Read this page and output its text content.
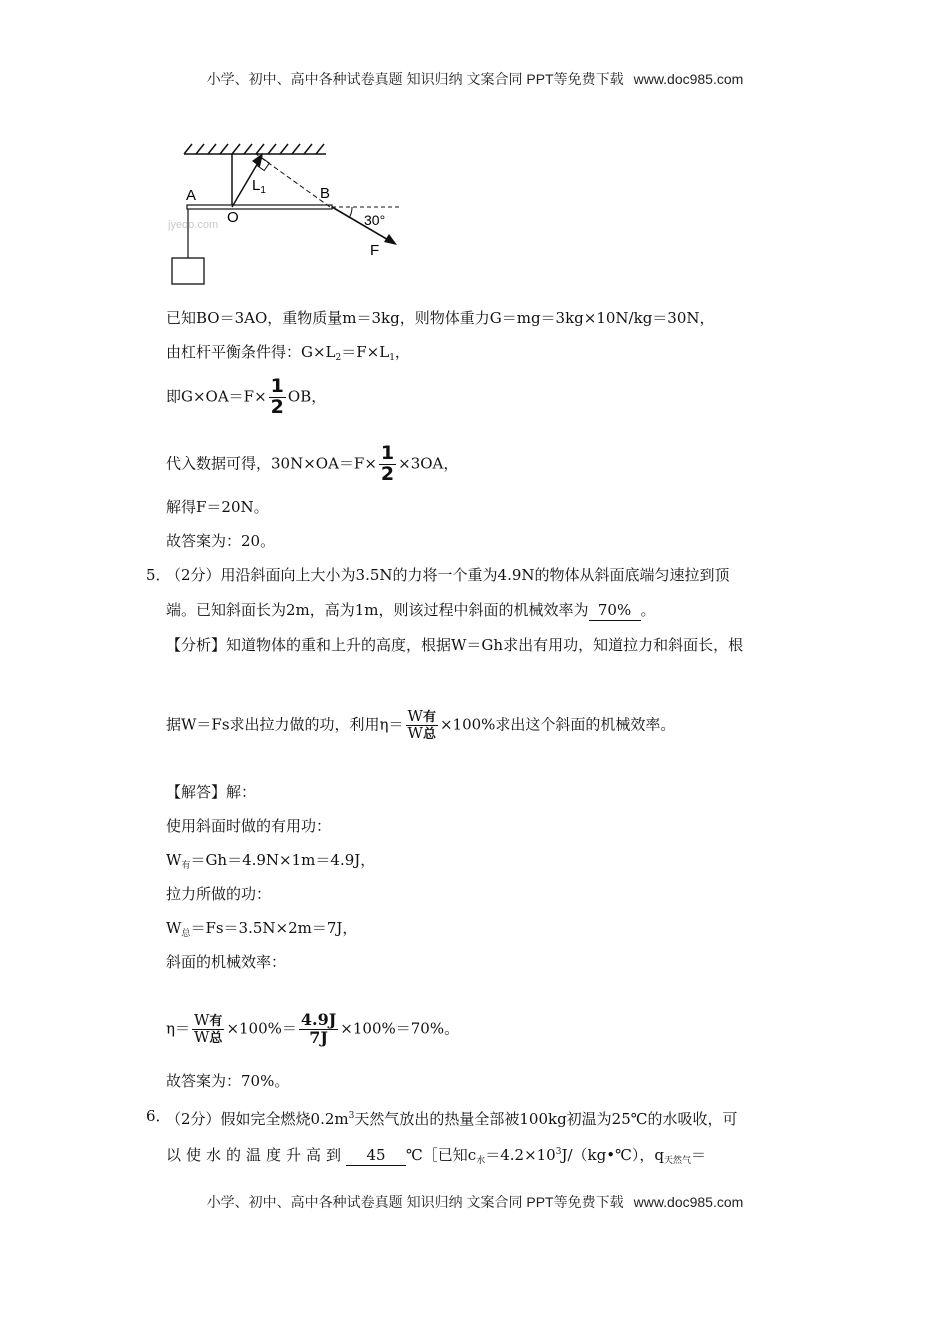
小学、初中、高中各种试卷真题 知识归纳 文案合同 PPT等免费下载 www.doc985.com
jyeoo.com
A
O
B
$L_1$
30°
F
已知BO＝3AO，重物质量m＝3kg，则物体重力G＝mg＝3kg×10N/kg＝30N，
由杠杆平衡条件得：$G\times L_2=F\times L_1$，
即$G\times OA=F\times \frac{1}{2}$ OB，
代入数据可得，$30N\times OA=F\times \frac{1}{2} \times 3OA$，
解得F＝20N。
故答案为：20。
5．
（2分）用沿斜面向上大小为3.5N的力将一个重为4.9N的物体从斜面底端匀速拉到顶
端。已知斜面长为2m，高为1m，则该过程中斜面的机械效率为 70% 。
【分析】知道物体的重和上升的高度，根据W＝Gh求出有用功，知道拉力和斜面长，根
据W＝Fs求出拉力做的功，利用$\eta= \frac{\text{W有}}{\text{W总}} \times 100\%$求出这个斜面的机械效率。
【解答】解：
使用斜面时做的有用功：
$W_有=Gh=4.9N\times 1m=4.9J$，
拉力所做的功：
$W_总=Fs=3.5N\times 2m=7J$，
斜面的机械效率：
$\eta= \frac{\text{W有}}{\text{W总}} \times 100\%= \frac{4.9J}{7J} \times 100\%=70\%$。
故答案为：70%。
6．
（2分）假如完全燃烧$0.2m^3$天然气放出的热量全部被100kg初温为25℃的水吸收，可
以使水的温度升高到 45 ℃［已知$c_水=4.2\times 10^3J/(kg•℃)$，$q_{天然气}=$
小学、初中、高中各种试卷真题 知识归纳 文案合同 PPT等免费下载 www.doc985.com
